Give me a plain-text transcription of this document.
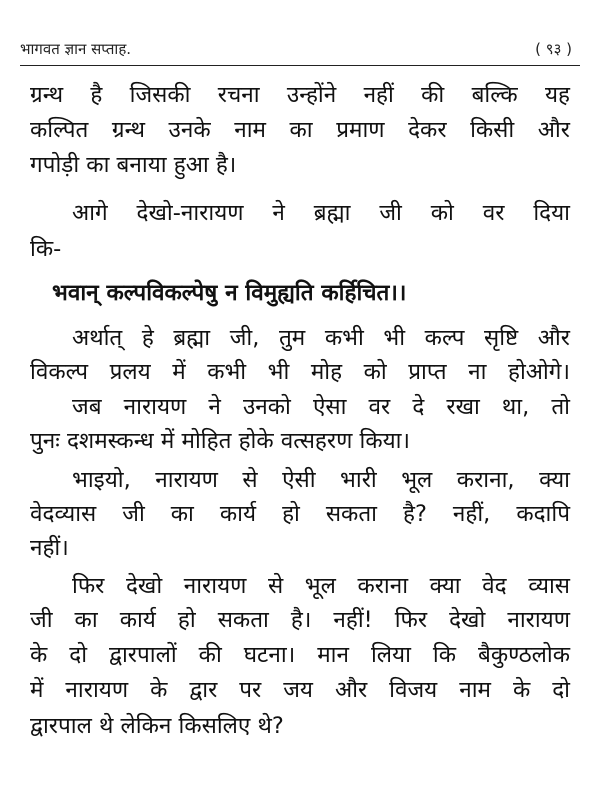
भागवत ज्ञान सप्ताह.	( ९३ )
ग्रन्थ है जिसकी रचना उन्होंने नहीं की बल्कि यह
कल्पित ग्रन्थ उनके नाम का प्रमाण देकर किसी और
गपोड़ी का बनाया हुआ है।
आगे देखो-नारायण ने ब्रह्मा जी को वर दिया
कि-
भवान् कल्पविकल्पेषु न विमुह्यति कर्हिचित।।
अर्थात् हे ब्रह्मा जी, तुम कभी भी कल्प सृष्टि और
विकल्प प्रलय में कभी भी मोह को प्राप्त ना होओगे।
जब नारायण ने उनको ऐसा वर दे रखा था, तो
पुनः दशमस्कन्ध में मोहित होके वत्सहरण किया।
भाइयो, नारायण से ऐसी भारी भूल कराना, क्या
वेदव्यास जी का कार्य हो सकता है? नहीं, कदापि
नहीं।
फिर देखो नारायण से भूल कराना क्या वेद व्यास
जी का कार्य हो सकता है। नहीं! फिर देखो नारायण
के दो द्वारपालों की घटना। मान लिया कि बैकुण्ठलोक
में नारायण के द्वार पर जय और विजय नाम के दो
द्वारपाल थे लेकिन किसलिए थे?
